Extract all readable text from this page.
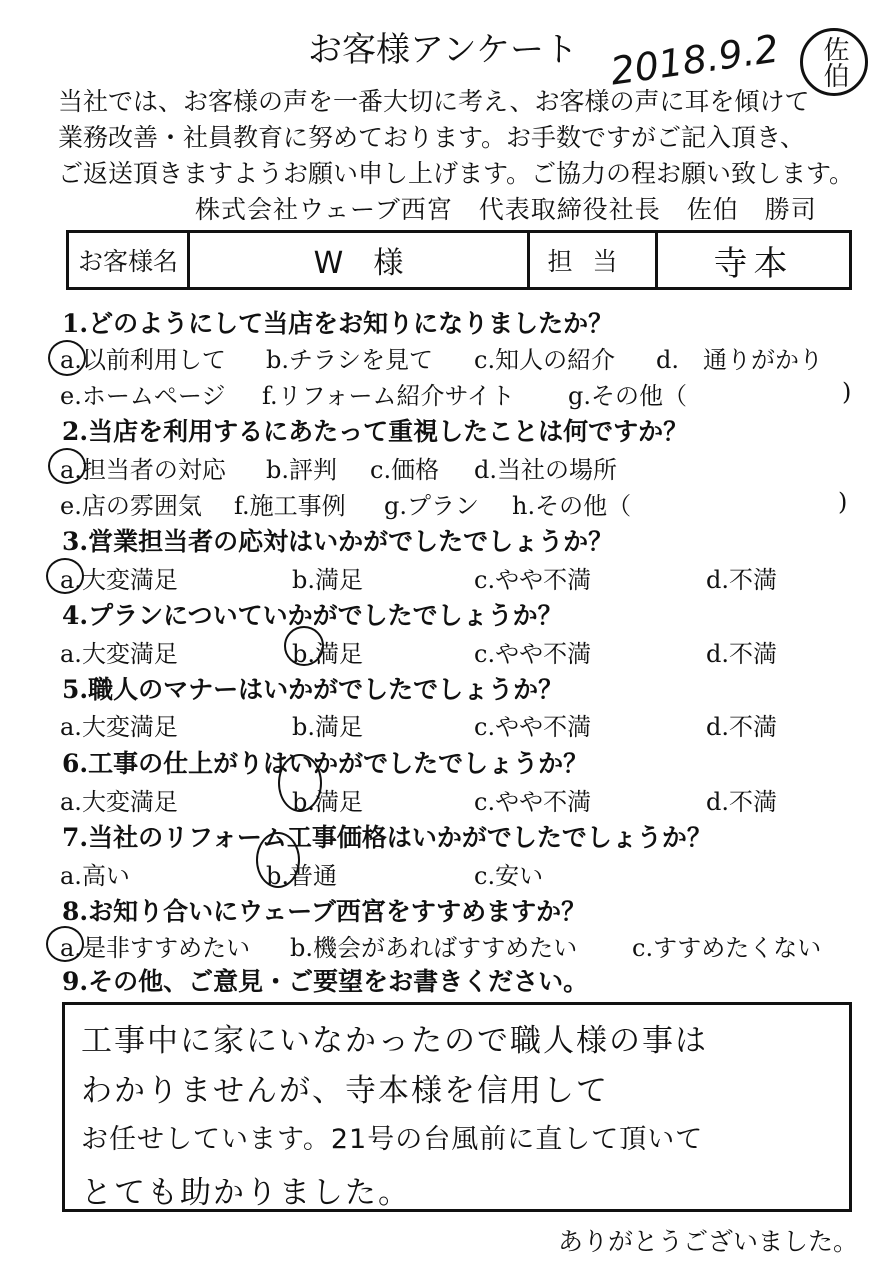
お客様アンケート 2018.9.2 佐伯
当社では、お客様の声を一番大切に考え、お客様の声に耳を傾けて
業務改善・社員教育に努めております。お手数ですがご記入頂き、
ご返送頂きますようお願い申し上げます。ご協力の程お願い致します。
株式会社ウェーブ西宮　代表取締役社長　佐伯　勝司
お客様名	W　様	担当	寺本
1.どのようにして当店をお知りになりましたか？
a.以前利用して b.チラシを見て c.知人の紹介 d.　通りがかり
e.ホームページ f.リフォーム紹介サイト g.その他（	)
2.当店を利用するにあたって重視したことは何ですか？
a.担当者の対応 b.評判 c.価格 d.当社の場所
e.店の雰囲気 f.施工事例 g.プラン h.その他（	)
3.営業担当者の応対はいかがでしたでしょうか？
a.大変満足	b.満足	c.やや不満	d.不満
4.プランについていかがでしたでしょうか？
a.大変満足	b.満足	c.やや不満	d.不満
5.職人のマナーはいかがでしたでしょうか？
a.大変満足	b.満足	c.やや不満	d.不満
6.工事の仕上がりはいかがでしたでしょうか？
a.大変満足	b.満足	c.やや不満	d.不満
7.当社のリフォーム工事価格はいかがでしたでしょうか？
a.高い	b.普通	c.安い
8.お知り合いにウェーブ西宮をすすめますか？
a.是非すすめたい b.機会があればすすめたい c.すすめたくない
9.その他、ご意見・ご要望をお書きください。
工事中に家にいなかったので職人様の事は
わかりませんが、寺本様を信用して
お任せしています。21号の台風前に直して頂いて
とても助かりました。
ありがとうございました。
